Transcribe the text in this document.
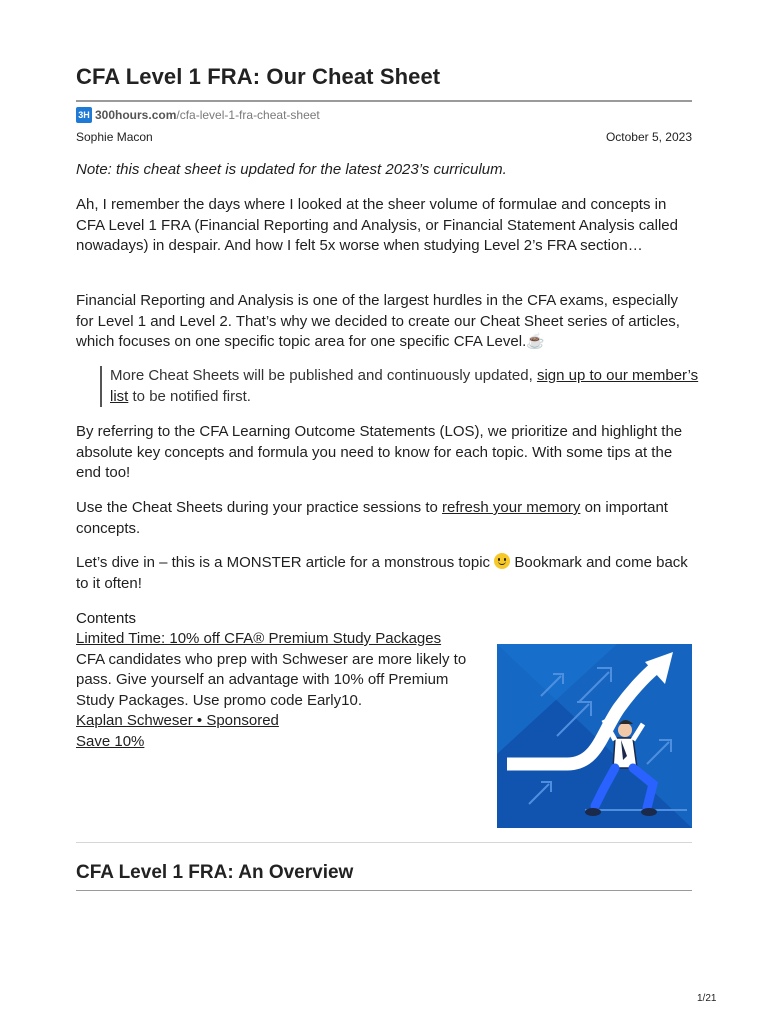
CFA Level 1 FRA: Our Cheat Sheet
3H 300hours.com /cfa-level-1-fra-cheat-sheet
Sophie Macon	October 5, 2023

Note: this cheat sheet is updated for the latest 2023’s curriculum.

Ah, I remember the days where I looked at the sheer volume of formulae and concepts in CFA Level 1 FRA (Financial Reporting and Analysis, or Financial Statement Analysis called nowadays) in despair. And how I felt 5x worse when studying Level 2’s FRA section…

Financial Reporting and Analysis is one of the largest hurdles in the CFA exams, especially for Level 1 and Level 2. That’s why we decided to create our Cheat Sheet series of articles, which focuses on one specific topic area for one specific CFA Level.☕

More Cheat Sheets will be published and continuously updated, sign up to our member’s list to be notified first.

By referring to the CFA Learning Outcome Statements (LOS), we prioritize and highlight the absolute key concepts and formula you need to know for each topic. With some tips at the end too!

Use the Cheat Sheets during your practice sessions to refresh your memory on important concepts.

Let’s dive in – this is a MONSTER article for a monstrous topic  Bookmark and come back to it often!

Contents
Limited Time: 10% off CFA® Premium Study Packages
CFA candidates who prep with Schweser are more likely to pass. Give yourself an advantage with 10% off Premium Study Packages. Use promo code Early10.
Kaplan Schweser • Sponsored
Save 10%
CFA Level 1 FRA: An Overview
1/21
